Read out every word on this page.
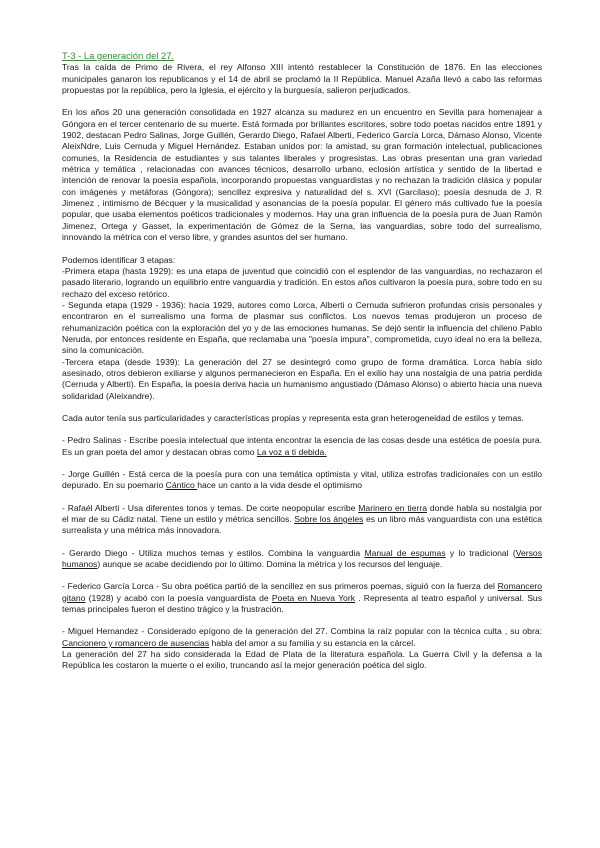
T-3 - La generación del 27.

Tras la caída de Primo de Rivera, el rey Alfonso XIII intentó restablecer la Constitución de 1876. En las elecciones municipales ganaron los republicanos y el 14 de abril se proclamó la II República. Manuel Azaña llevó a cabo las reformas propuestas por la república, pero la Iglesia, el ejército y la burguesía, salieron perjudicados.

En los años 20 una generación consolidada en 1927 alcanza su madurez en un encuentro en Sevilla para homenajear a Góngora en el tercer centenario de su muerte. Está formada por brillantes escritores, sobre todo poetas nacidos entre 1891 y 1902, destacan Pedro Salinas, Jorge Guillén, Gerardo Diego, Rafael Alberti, Federico García Lorca, Dámaso Alonso, Vicente AleixNdre, Luis Cernuda y Miguel Hernández. Estaban unidos por: la amistad, su gran formación intelectual, publicaciones comunes, la Residencia de estudiantes y sus talantes liberales y progresistas. Las obras presentan una gran variedad métrica y temática , relacionadas con avances técnicos, desarrollo urbano, eclosión artística y sentido de la libertad e intención de renovar la poesía española, incorporando propuestas vanguardistas y no rechazan la tradición clásica y popular con imágenes y metáforas (Góngora); sencillez expresiva y naturalidad del s. XVI (Garcilaso); poesía desnuda de J. R Jimenez , intimismo de Bécquer y la musicalidad y asonancias de la poesía popular. El género más cultivado fue la poesía popular, que usaba elementos poéticos tradicionales y modernos. Hay una gran influencia de la poesía pura de Juan Ramón Jimenez, Ortega y Gasset, la experimentación de Gómez de la Serna, las vanguardias, sobre todo del surrealismo, innovando la métrica con el verso libre, y grandes asuntos del ser humano.

Podemos identificar 3 etapas:

-Primera etapa (hasta 1929): es una etapa de juventud que coincidió con el esplendor de las vanguardias, no rechazaron el pasado literario, logrando un equilibrio entre vanguardia y tradición. En estos años cultivaron la poesía pura, sobre todo en su rechazo del exceso retórico.

- Segunda etapa (1929 - 1936): hacia 1929, autores como Lorca, Alberti o Cernuda sufrieron profundas crisis personales y encontraron en el surrealismo una forma de plasmar sus conflictos. Los nuevos temas produjeron un proceso de rehumanización poética con la exploración del yo y de las emociones humanas. Se dejó sentir la influencia del chileno Pablo Neruda, por entonces residente en España, que reclamaba una "poesía impura", comprometida, cuyo ideal no era la belleza, sino la comunicación.

-Tercera etapa (desde 1939): La generación del 27 se desintegró como grupo de forma dramática. Lorca había sido asesinado, otros debieron exiliarse y algunos permanecieron en España. En el exilio hay una nostalgia de una patria perdida (Cernuda y Alberti). En España, la poesía deriva hacia un humanismo angustiado (Dámaso Alonso) o abierto hacia una nueva solidaridad (Aleixandre).

Cada autor tenía sus particularidades y características propias y representa esta gran heterogeneidad de estilos y temas.

- Pedro Salinas - Escribe poesía intelectual que intenta encontrar la esencia de las cosas desde una estética de poesía pura. Es un gran poeta del amor y destacan obras como La voz a ti debida.

- Jorge Guillén - Está cerca de la poesía pura con una temática optimista y vital, utiliza estrofas tradicionales con un estilo depurado. En su poemario Cántico hace un canto a la vida desde el optimismo

- Rafaél Alberti - Usa diferentes tonos y temas. De corte neopopular escribe Marinero en tierra donde habla su nostalgia por el mar de su Cádiz natal. Tiene un estilo y métrica sencillos. Sobre los ángeles es un libro más vanguardista con una estética surrealista y una métrica más innovadora.

- Gerardo Diego - Utiliza muchos temas y estilos. Combina la vanguardia Manual de espumas y lo tradicional (Versos humanos) aunque se acabe decidiendo por lo último. Domina la métrica y los recursos del lenguaje.

- Federico García Lorca - Su obra poética partió de la sencillez en sus primeros poemas, siguió con la fuerza del Romancero gitano (1928) y acabó con la poesía vanguardista de Poeta en Nueva York . Representa al teatro español y universal. Sus temas principales fueron el destino trágico y la frustración.

- Miguel Hernandez - Considerado epígono de la generación del 27. Combina la raíz popular con la técnica culta , su obra: Cancionero y romancero de ausencias habla del amor a su familia y su estancia en la cárcel.

La generación del 27 ha sido considerada la Edad de Plata de la literatura española. La Guerra Civil y la defensa a la República les costaron la muerte o el exilio, truncando así la mejor generación poética del siglo.
